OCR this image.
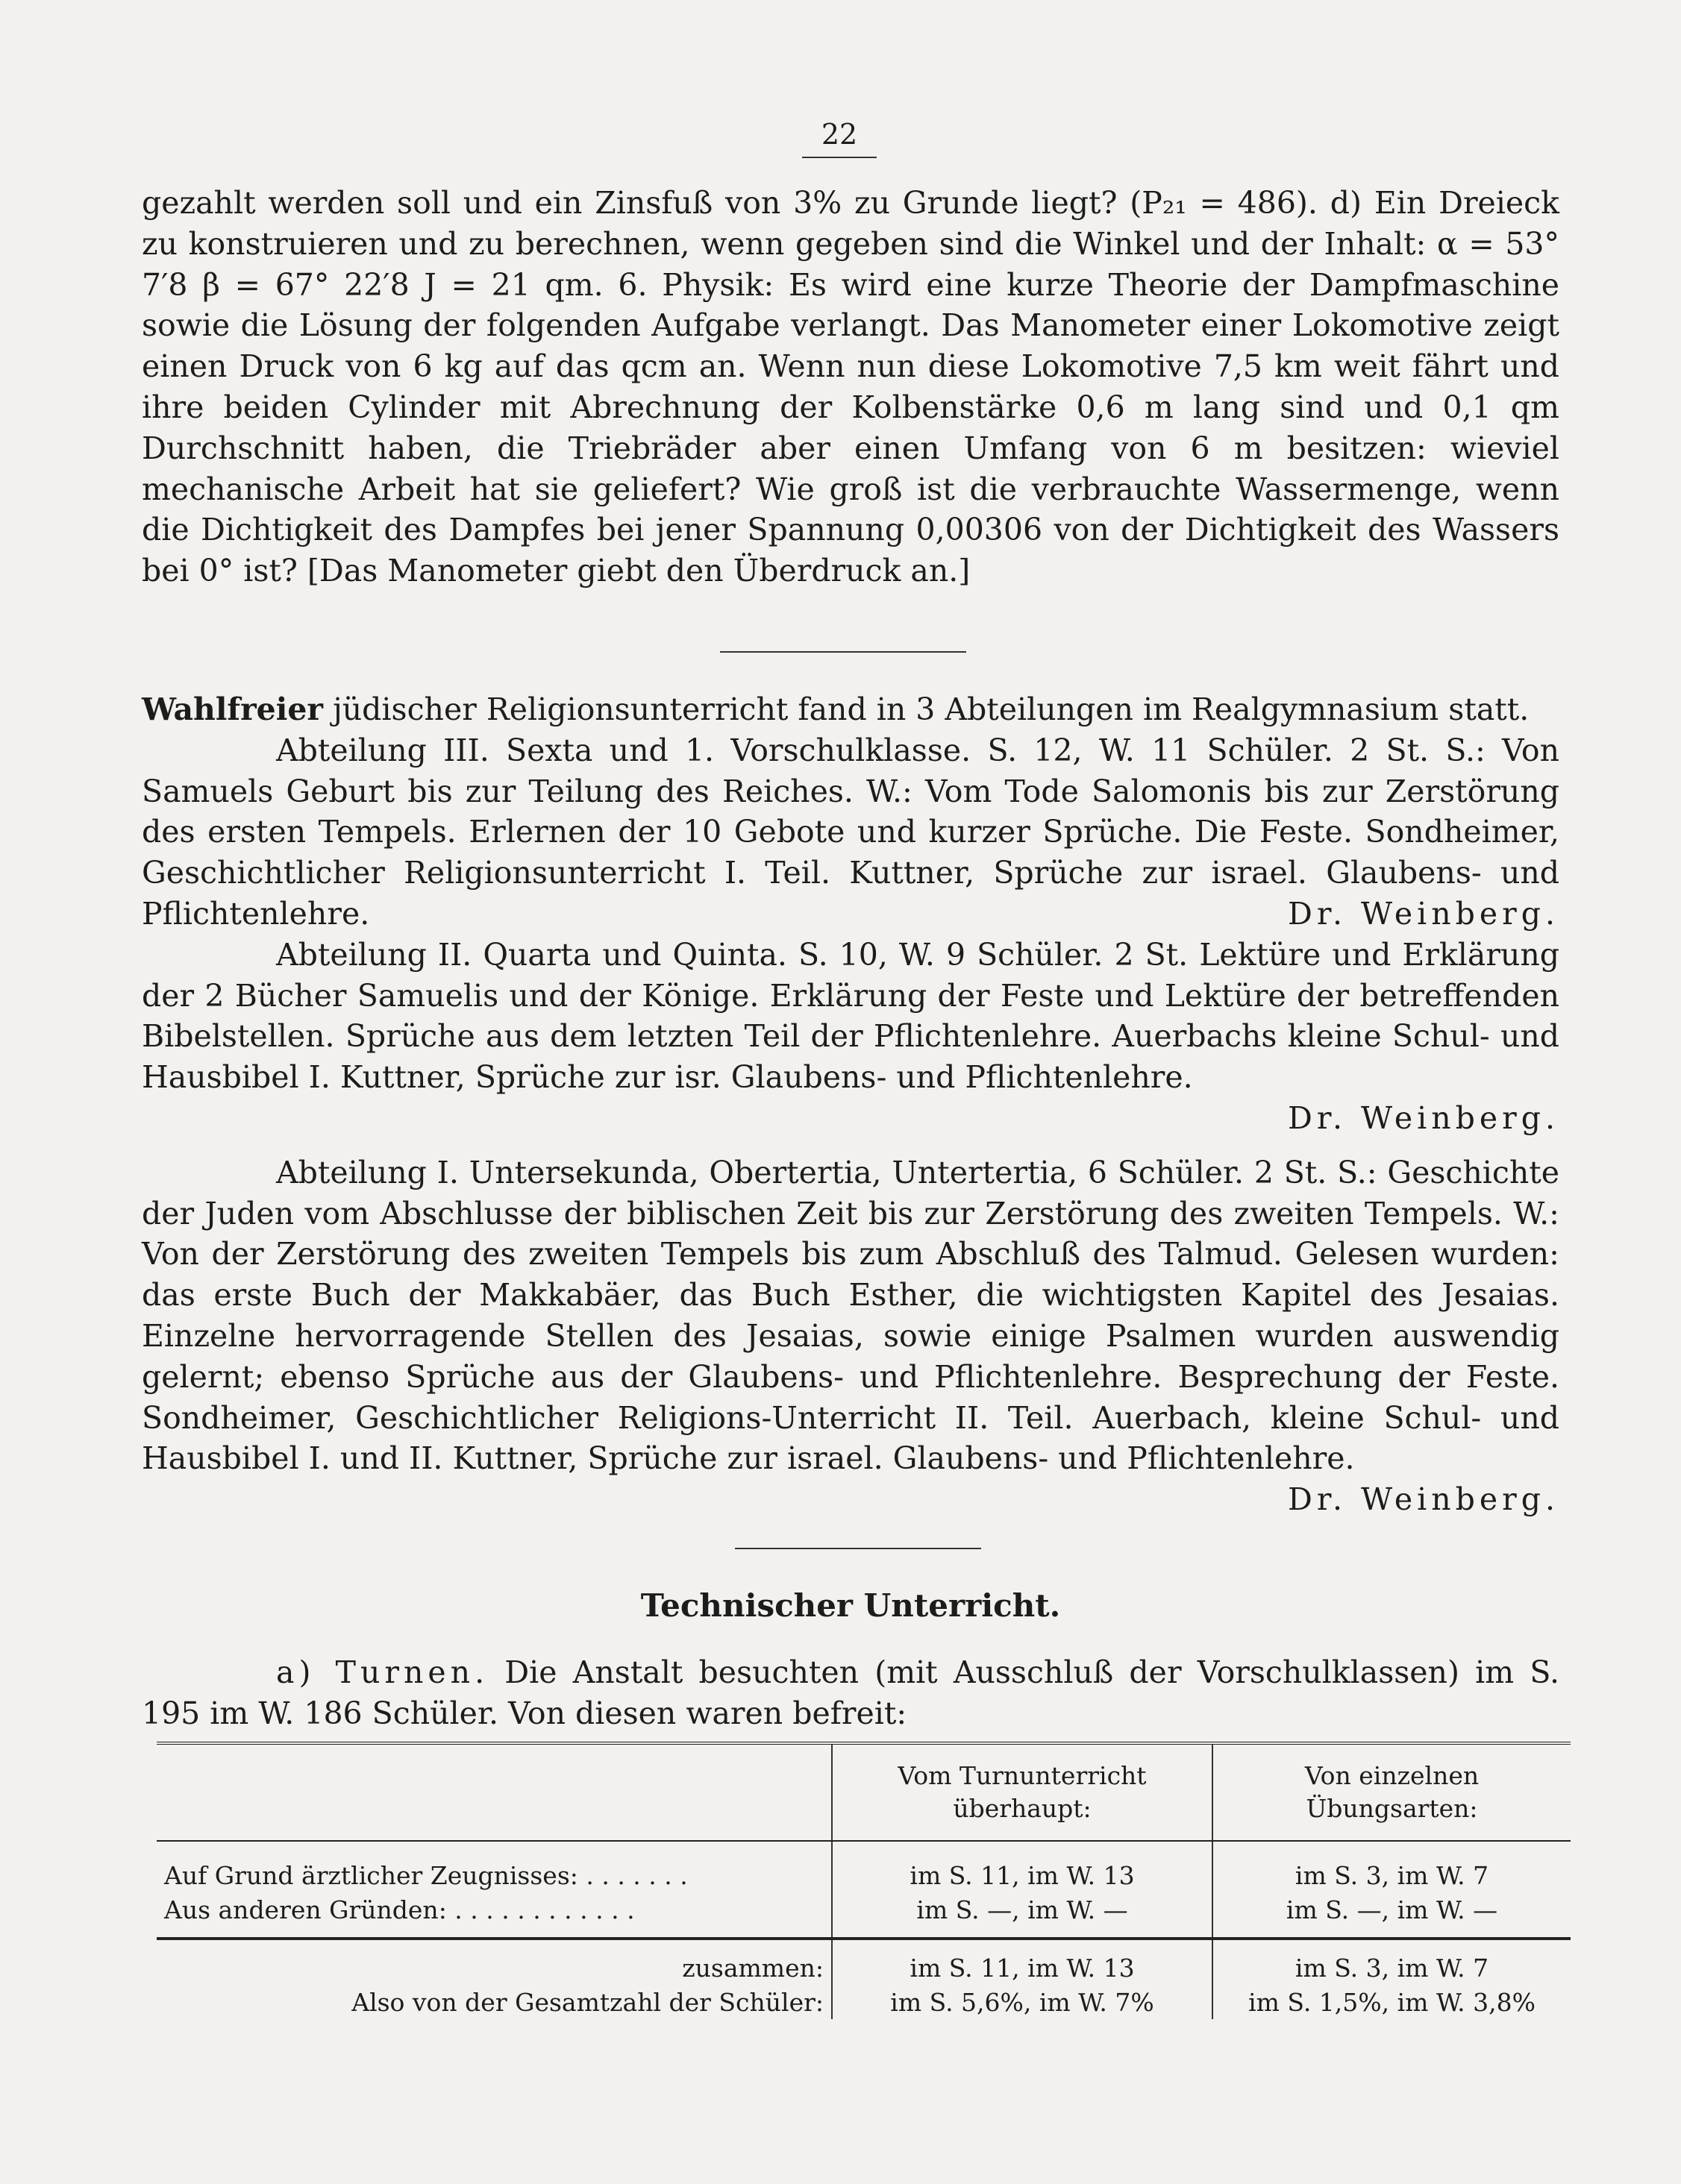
22

gezahlt werden soll und ein Zinsfuß von 3% zu Grunde liegt? (P₂₁ = 486). d) Ein Dreieck zu konstruieren und zu berechnen, wenn gegeben sind die Winkel und der Inhalt: α = 53° 7′8 β = 67° 22′8 J = 21 qm. 6. Physik: Es wird eine kurze Theorie der Dampfmaschine sowie die Lösung der folgenden Aufgabe verlangt. Das Manometer einer Lokomotive zeigt einen Druck von 6 kg auf das qcm an. Wenn nun diese Lokomotive 7,5 km weit fährt und ihre beiden Cylinder mit Abrechnung der Kolbenstärke 0,6 m lang sind und 0,1 qm Durchschnitt haben, die Triebräder aber einen Umfang von 6 m besitzen: wieviel mechanische Arbeit hat sie geliefert? Wie groß ist die verbrauchte Wassermenge, wenn die Dichtigkeit des Dampfes bei jener Spannung 0,00306 von der Dichtigkeit des Wassers bei 0° ist? [Das Manometer giebt den Überdruck an.]

Wahlfreier jüdischer Religionsunterricht fand in 3 Abteilungen im Realgymnasium statt.

Abteilung III. Sexta und 1. Vorschulklasse. S. 12, W. 11 Schüler. 2 St. S.: Von Samuels Geburt bis zur Teilung des Reiches. W.: Vom Tode Salomonis bis zur Zerstörung des ersten Tempels. Erlernen der 10 Gebote und kurzer Sprüche. Die Feste. Sondheimer, Geschichtlicher Religionsunterricht I. Teil. Kuttner, Sprüche zur israel. Glaubens- und Pflichtenlehre.	Dr. Weinberg.

Abteilung II. Quarta und Quinta. S. 10, W. 9 Schüler. 2 St. Lektüre und Erklärung der 2 Bücher Samuelis und der Könige. Erklärung der Feste und Lektüre der betreffenden Bibelstellen. Sprüche aus dem letzten Teil der Pflichtenlehre. Auerbachs kleine Schul- und Hausbibel I. Kuttner, Sprüche zur isr. Glaubens- und Pflichtenlehre.

Dr. Weinberg.

Abteilung I. Untersekunda, Obertertia, Untertertia, 6 Schüler. 2 St. S.: Geschichte der Juden vom Abschlusse der biblischen Zeit bis zur Zerstörung des zweiten Tempels. W.: Von der Zerstörung des zweiten Tempels bis zum Abschluß des Talmud. Gelesen wurden: das erste Buch der Makkabäer, das Buch Esther, die wichtigsten Kapitel des Jesaias. Einzelne hervorragende Stellen des Jesaias, sowie einige Psalmen wurden auswendig gelernt; ebenso Sprüche aus der Glaubens- und Pflichtenlehre. Besprechung der Feste. Sondheimer, Geschichtlicher Religions-Unterricht II. Teil. Auerbach, kleine Schul- und Hausbibel I. und II. Kuttner, Sprüche zur israel. Glaubens- und Pflichtenlehre.

Dr. Weinberg.

Technischer Unterricht.

a) Turnen. Die Anstalt besuchten (mit Ausschluß der Vorschulklassen) im S. 195 im W. 186 Schüler. Von diesen waren befreit:

	Vom Turnunterricht überhaupt:	Von einzelnen Übungsarten:
Auf Grund ärztlicher Zeugnisses: . . . . . . .	im S. 11, im W. 13	im S. 3, im W. 7
Aus anderen Gründen: . . . . . . . . . . . .	im S. —, im W. —	im S. —, im W. —
zusammen:	im S. 11, im W. 13	im S. 3, im W. 7
Also von der Gesamtzahl der Schüler:	im S. 5,6%, im W. 7%	im S. 1,5%, im W. 3,8%
